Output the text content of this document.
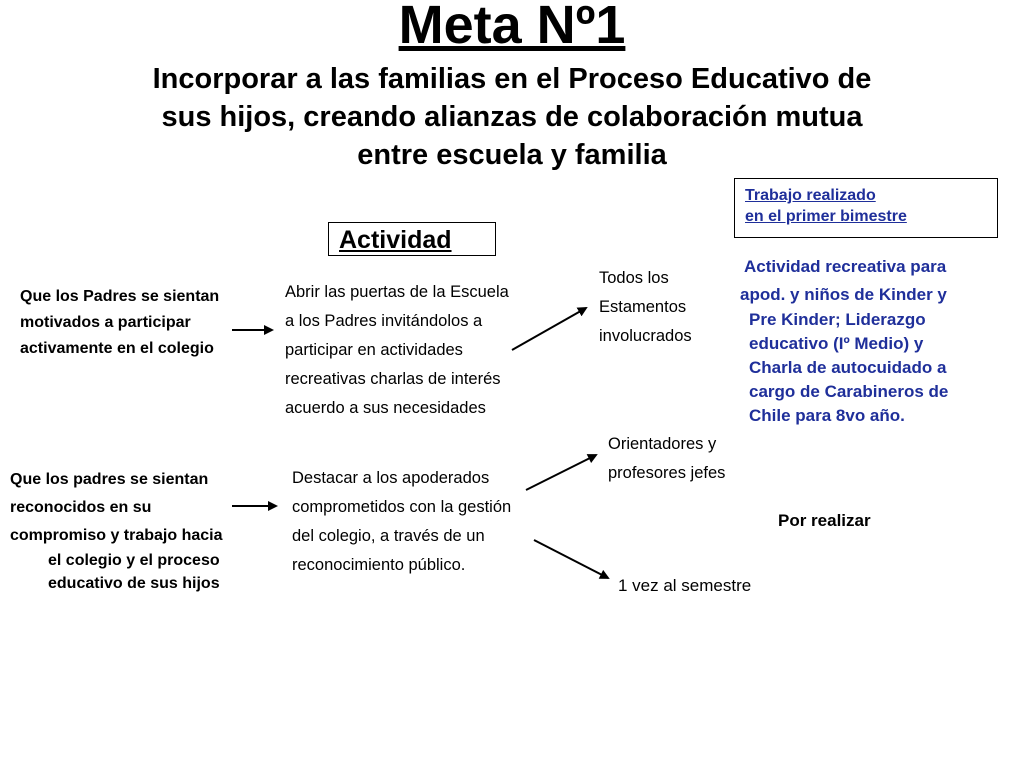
Meta Nº1
Incorporar a las familias en el Proceso Educativo de
sus hijos, creando alianzas de colaboración mutua
entre escuela y familia
Trabajo realizado
en el primer bimestre
Actividad
Que los Padres se sientan
motivados a participar
activamente en el colegio
Abrir las puertas de la Escuela
a los Padres invitándolos a
participar en actividades
recreativas charlas de interés
acuerdo a sus necesidades
Todos los
Estamentos
involucrados
Actividad recreativa para
apod. y niños de Kinder y
Pre Kinder; Liderazgo
educativo (Iº Medio) y
Charla de autocuidado a
cargo de Carabineros de
Chile para 8vo año.
Que los padres se sientan
reconocidos en su
compromiso y trabajo hacia
el colegio y el proceso
educativo de sus hijos
Destacar a los apoderados
comprometidos con la gestión
del colegio, a través de un
reconocimiento público.
Orientadores y
profesores jefes
Por realizar
1 vez al semestre
